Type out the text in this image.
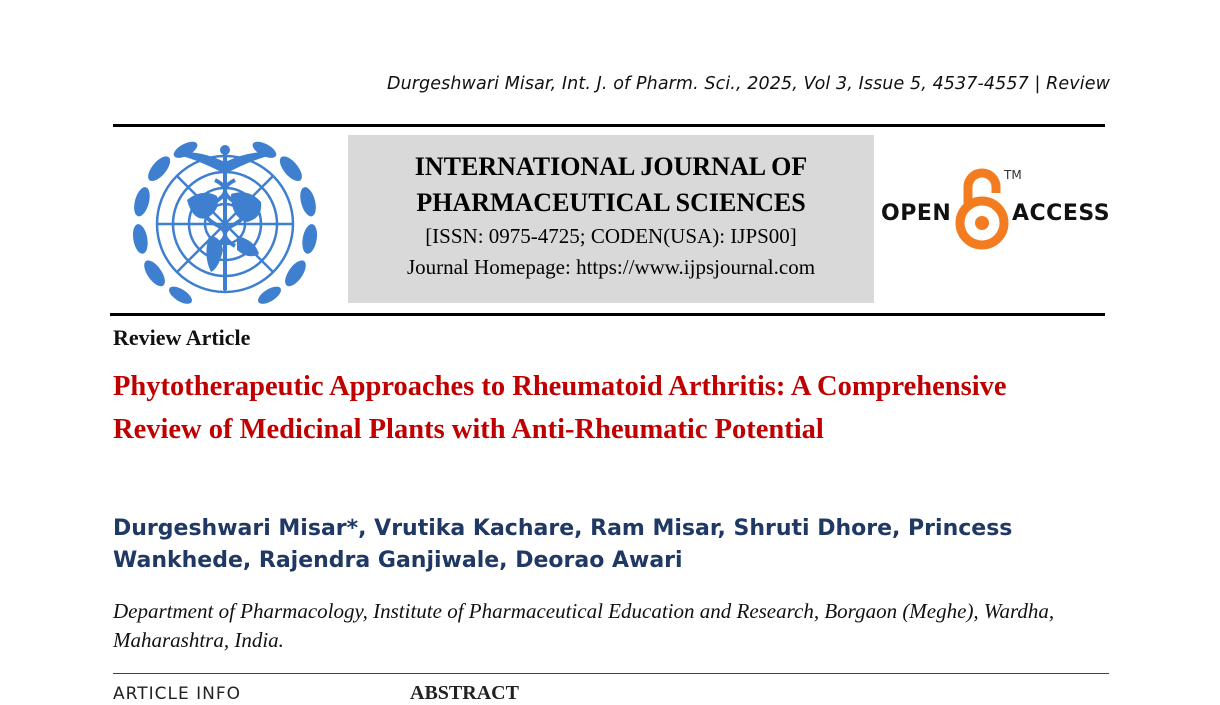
Durgeshwari Misar, Int. J. of Pharm. Sci., 2025, Vol 3, Issue 5, 4537-4557 | Review
INTERNATIONAL JOURNAL OF
PHARMACEUTICAL SCIENCES
[ISSN: 0975-4725; CODEN(USA): IJPS00]
Journal Homepage: https://www.ijpsjournal.com
OPEN
TM
ACCESS
Review Article
Phytotherapeutic Approaches to Rheumatoid Arthritis: A Comprehensive Review of Medicinal Plants with Anti-Rheumatic Potential
Durgeshwari Misar*, Vrutika Kachare, Ram Misar, Shruti Dhore, Princess Wankhede, Rajendra Ganjiwale, Deorao Awari
Department of Pharmacology, Institute of Pharmaceutical Education and Research, Borgaon (Meghe), Wardha, Maharashtra, India.
ARTICLE INFO	ABSTRACT
